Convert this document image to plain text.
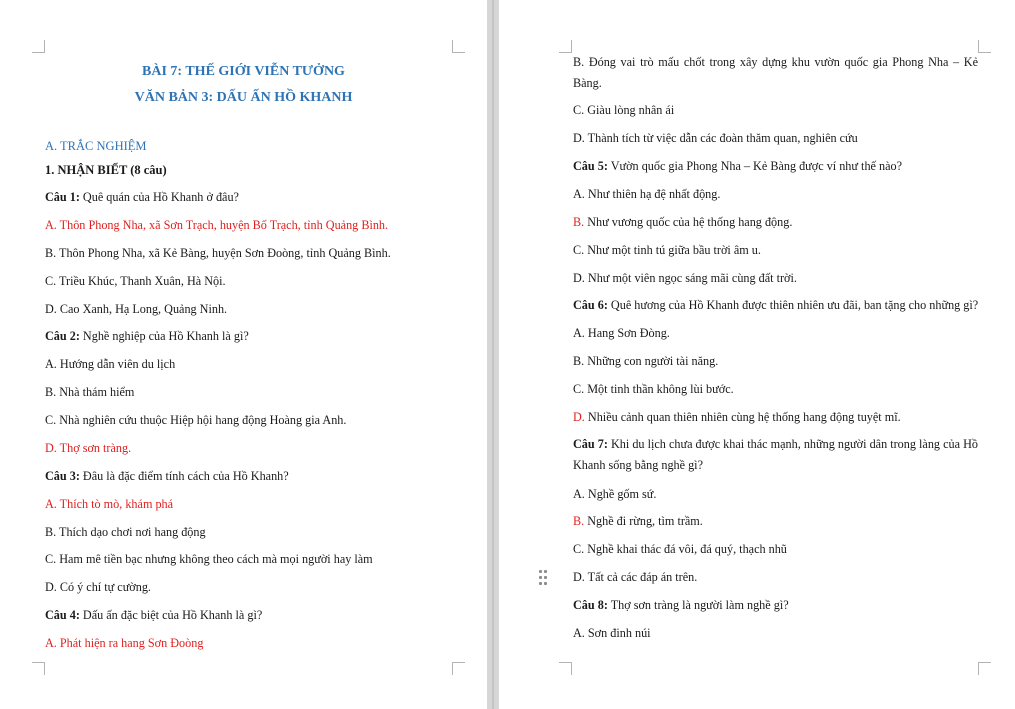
BÀI 7: THẾ GIỚI VIỄN TƯỞNG
VĂN BẢN 3: DẤU ẤN HỒ KHANH
A. TRẮC NGHIỆM
1. NHẬN BIẾT (8 câu)
Câu 1: Quê quán của Hồ Khanh ở đâu?
A. Thôn Phong Nha, xã Sơn Trạch, huyện Bố Trạch, tỉnh Quảng Bình.
B. Thôn Phong Nha, xã Kẻ Bàng, huyện Sơn Đoòng, tỉnh Quảng Bình.
C. Triều Khúc, Thanh Xuân, Hà Nội.
D. Cao Xanh, Hạ Long, Quảng Ninh.
Câu 2: Nghề nghiệp của Hồ Khanh là gì?
A. Hướng dẫn viên du lịch
B. Nhà thám hiểm
C. Nhà nghiên cứu thuộc Hiệp hội hang động Hoàng gia Anh.
D. Thợ sơn tràng.
Câu 3: Đâu là đặc điểm tính cách của Hồ Khanh?
A. Thích tò mò, khám phá
B. Thích dạo chơi nơi hang động
C. Ham mê tiền bạc nhưng không theo cách mà mọi người hay làm
D. Có ý chí tự cường.
Câu 4: Dấu ấn đặc biệt của Hồ Khanh là gì?
A. Phát hiện ra hang Sơn Đoòng
B. Đóng vai trò mấu chốt trong xây dựng khu vườn quốc gia Phong Nha – Kẻ Bàng.
C. Giàu lòng nhân ái
D. Thành tích từ việc dẫn các đoàn thăm quan, nghiên cứu
Câu 5: Vườn quốc gia Phong Nha – Kẻ Bàng được ví như thế nào?
A. Như thiên hạ đệ nhất động.
B. Như vương quốc của hệ thống hang động.
C. Như một tinh tú giữa bầu trời âm u.
D. Như một viên ngọc sáng mãi cùng đất trời.
Câu 6: Quê hương của Hồ Khanh được thiên nhiên ưu đãi, ban tặng cho những gì?
A. Hang Sơn Đòng.
B. Những con người tài năng.
C. Một tinh thần không lùi bước.
D. Nhiều cảnh quan thiên nhiên cùng hệ thống hang động tuyệt mĩ.
Câu 7: Khi du lịch chưa được khai thác mạnh, những người dân trong làng của Hồ Khanh sống bằng nghề gì?
A. Nghề gốm sứ.
B. Nghề đi rừng, tìm trầm.
C. Nghề khai thác đá vôi, đá quý, thạch nhũ
D. Tất cả các đáp án trên.
Câu 8: Thợ sơn tràng là người làm nghề gì?
A. Sơn đinh núi
